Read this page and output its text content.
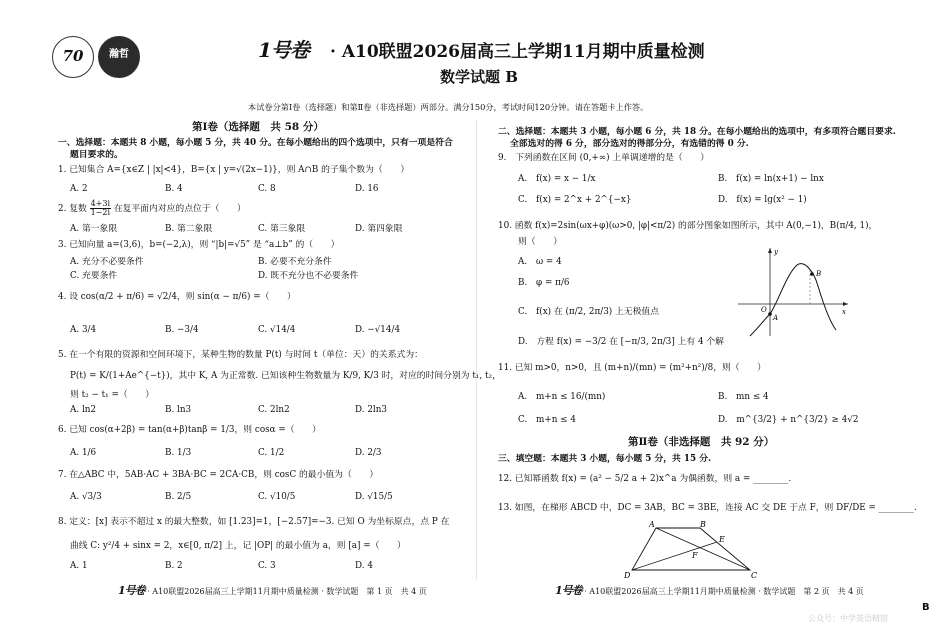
70	瀚哲	1号卷 · A10联盟2026届高三上学期11月期中质量检测
数学试题 B
本试卷分第Ⅰ卷（选择题）和第Ⅱ卷（非选择题）两部分。满分150分，考试时间120分钟。请在答题卡上作答。
第Ⅰ卷（选择题　共 58 分）
一、选择题：本题共 8 小题，每小题 5 分，共 40 分。在每小题给出的四个选项中，只有一项是符合
题目要求的。
1. 已知集合 A={x∈Z | |x|<4}，B={x | y=√(2x−1)}，则 A∩B 的子集个数为（　　）
A. 2	B. 4	C. 8	D. 16
2. 复数 $\frac{4+3i}{1-2i}$ 在复平面内对应的点位于（　　）
A. 第一象限	B. 第二象限	C. 第三象限	D. 第四象限
3. 已知向量 a=(3,6)，b=(−2,λ)，则 “|b|=√5” 是 “a⊥b” 的（　　）
A. 充分不必要条件	B. 必要不充分条件
C. 充要条件	D. 既不充分也不必要条件
4. 设 cos(α/2 + π/6) = √2/4，则 sin(α − π/6) =（　　）
A. 3/4	B. −3/4	C. √14/4	D. −√14/4
5. 在一个有限的资源和空间环境下，某种生物的数量 P(t) 与时间 t（单位：天）的关系式为：
P(t) = K/(1+Ae^{−t})，其中 K, A 为正常数. 已知该种生物数量为 K/9, K/3 时，对应的时间分别为 t₁, t₂，
则 t₂ − t₁ =（　　）
A. ln2	B. ln3	C. 2ln2	D. 2ln3
6. 已知 cos(α+2β) = tan(α+β)tanβ = 1/3，则 cosα =（　　）
A. 1/6	B. 1/3	C. 1/2	D. 2/3
7. 在△ABC 中，5AB·AC + 3BA·BC = 2CA·CB，则 cosC 的最小值为（　　）
A. √3/3	B. 2/5	C. √10/5	D. √15/5
8. 定义：[x] 表示不超过 x 的最大整数，如 [1.23]=1，[−2.57]=−3. 已知 O 为坐标原点，点 P 在
曲线 C: y²/4 + sinx = 2，x∈[0, π/2] 上，记 |OP| 的最小值为 a，则 [a] =（　　）
A. 1	B. 2	C. 3	D. 4
1号卷 · A10联盟2026届高三上学期11月期中质量检测 · 数学试题　第 1 页　共 4 页
二、选择题：本题共 3 小题，每小题 6 分，共 18 分。在每小题给出的选项中，有多项符合题目要求.
全部选对的得 6 分，部分选对的得部分分，有选错的得 0 分.
9.　下列函数在区间 (0,+∞) 上单调递增的是（　　）
A.　f(x) = x − 1/x	B.　f(x) = ln(x+1) − lnx
C.　f(x) = 2^x + 2^{−x}	D.　f(x) = lg(x² − 1)
10. 函数 f(x)=2sin(ωx+φ)(ω>0, |φ|<π/2) 的部分图象如图所示，其中 A(0,−1)，B(π/4, 1)，
则（　　）
A.　ω = 4
B.　φ = π/6
C.　f(x) 在 (π/2, 2π/3) 上无极值点
D.　方程 f(x) = −3/2 在 [−π/3, 2π/3] 上有 4 个解
y
x
O
A
B
11. 已知 m>0，n>0，且 (m+n)/(mn) = (m²+n²)/8，则（　　）
A.　m+n ≤ 16/(mn)	B.　mn ≤ 4
C.　m+n ≤ 4	D.　m^{3/2} + n^{3/2} ≥ 4√2
第Ⅱ卷（非选择题　共 92 分）
三、填空题：本题共 3 小题，每小题 5 分，共 15 分.
12. 已知幂函数 f(x) = (a² − 5/2 a + 2)x^a 为偶函数，则 a = ________.
13. 如图，在梯形 ABCD 中，DC = 3AB，BC = 3BE，连接 AC 交 DE 于点 F，则 DF/DE = ________.
A	B
E
F
D	C
1号卷 · A10联盟2026届高三上学期11月期中质量检测 · 数学试题　第 2 页　共 4 页
B
公众号：中学英语精馆
